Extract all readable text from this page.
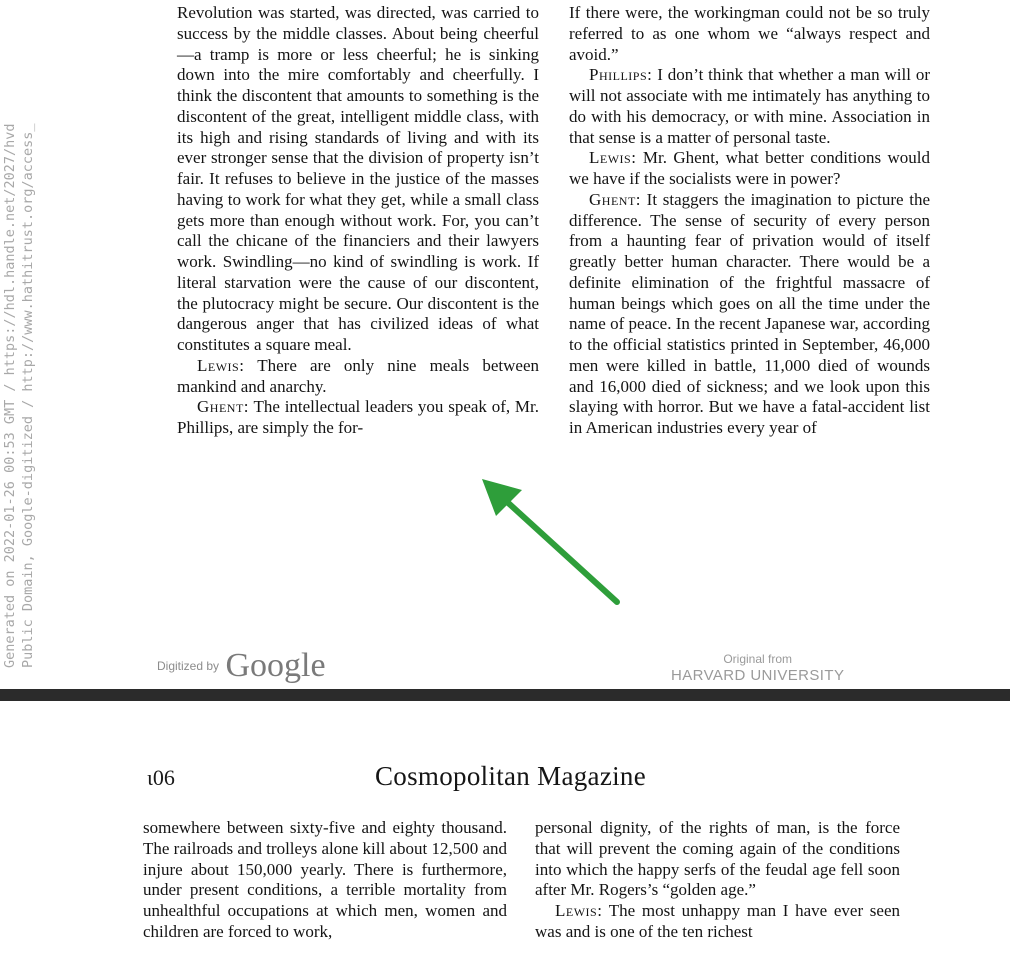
Generated on 2022-01-26 00:53 GMT / https://hdl.handle.net/2027/hvd Public Domain, Google-digitized / http://www.hathitrust.org/access_

Revolution was started, was directed, was carried to success by the middle classes. About being cheerful—a tramp is more or less cheerful; he is sinking down into the mire comfortably and cheerfully. I think the discontent that amounts to something is the discontent of the great, intelligent middle class, with its high and rising standards of living and with its ever stronger sense that the division of property isn’t fair. It refuses to believe in the justice of the masses having to work for what they get, while a small class gets more than enough without work. For, you can’t call the chicane of the financiers and their lawyers work. Swindling—no kind of swindling is work. If literal starvation were the cause of our discontent, the plutocracy might be secure. Our discontent is the dangerous anger that has civilized ideas of what constitutes a square meal.

Lewis: There are only nine meals between mankind and anarchy.

Ghent: The intellectual leaders you speak of, Mr. Phillips, are simply the for-

If there were, the workingman could not be so truly referred to as one whom we “always respect and avoid.”

Phillips: I don’t think that whether a man will or will not associate with me intimately has anything to do with his democracy, or with mine. Association in that sense is a matter of personal taste.

Lewis: Mr. Ghent, what better conditions would we have if the socialists were in power?

Ghent: It staggers the imagination to picture the difference. The sense of security of every person from a haunting fear of privation would of itself greatly better human character. There would be a definite elimination of the frightful massacre of human beings which goes on all the time under the name of peace. In the recent Japanese war, according to the official statistics printed in September, 46,000 men were killed in battle, 11,000 died of wounds and 16,000 died of sickness; and we look upon this slaying with horror. But we have a fatal-accident list in American industries every year of

Digitized by Google	Original from
HARVARD UNIVERSITY
ι06	Cosmopolitan Magazine

somewhere between sixty-five and eighty thousand. The railroads and trolleys alone kill about 12,500 and injure about 150,000 yearly. There is furthermore, under present conditions, a terrible mortality from unhealthful occupations at which men, women and children are forced to work,

personal dignity, of the rights of man, is the force that will prevent the coming again of the conditions into which the happy serfs of the feudal age fell soon after Mr. Rogers’s “golden age.”

Lewis: The most unhappy man I have ever seen was and is one of the ten richest
